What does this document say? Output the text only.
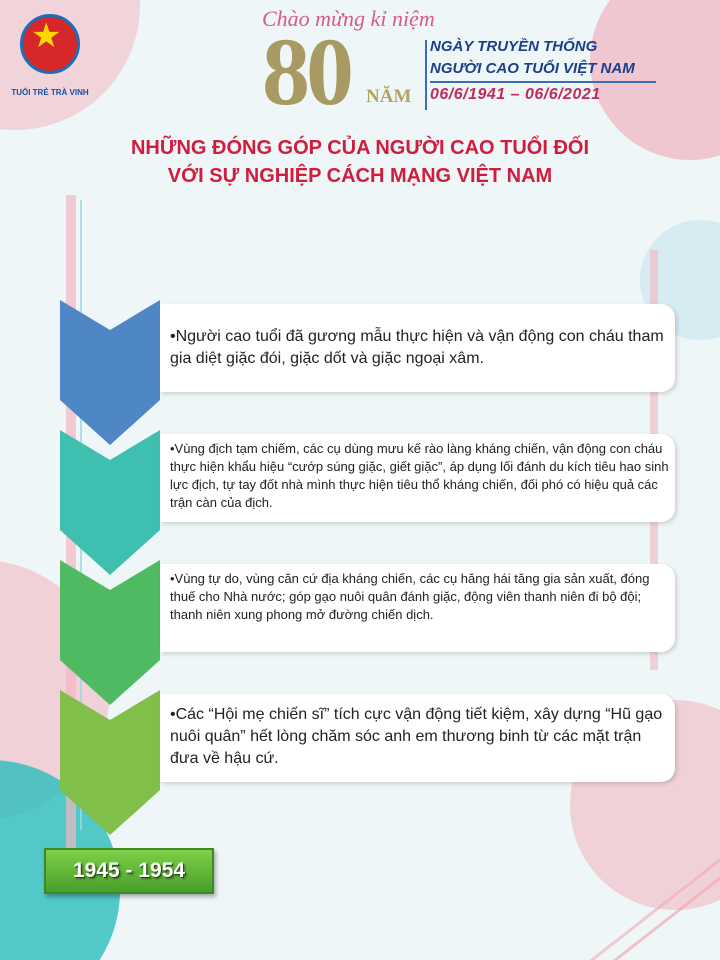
★
TUỔI TRẺ TRÀ VINH
Chào mừng kỉ niệm
80 NĂM
NGÀY TRUYỀN THỐNG
NGƯỜI CAO TUỔI VIỆT NAM
06/6/1941 – 06/6/2021
NHỮNG ĐÓNG GÓP CỦA NGƯỜI CAO TUỔI ĐỐI
VỚI SỰ NGHIỆP CÁCH MẠNG VIỆT NAM
•Người cao tuổi đã gương mẫu thực hiện và vận động con cháu tham gia diệt giặc đói, giặc dốt và giặc ngoại xâm.
•Vùng địch tạm chiếm, các cụ dùng mưu kế rào làng kháng chiến, vận động con cháu thực hiện khẩu hiệu “cướp súng giặc, giết giặc”, áp dụng lối đánh du kích tiêu hao sinh lực địch, tự tay đốt nhà mình thực hiện tiêu thổ kháng chiến, đối phó có hiệu quả các trận càn của địch.
•Vùng tự do, vùng căn cứ địa kháng chiến, các cụ hăng hái tăng gia sản xuất, đóng thuế cho Nhà nước; góp gạo nuôi quân đánh giặc, động viên thanh niên đi bộ đội; thanh niên xung phong mở đường chiến dịch.
•Các “Hội mẹ chiến sĩ” tích cực vận động tiết kiệm, xây dựng “Hũ gạo nuôi quân” hết lòng chăm sóc anh em thương binh từ các mặt trận đưa về hậu cứ.
1945 - 1954
